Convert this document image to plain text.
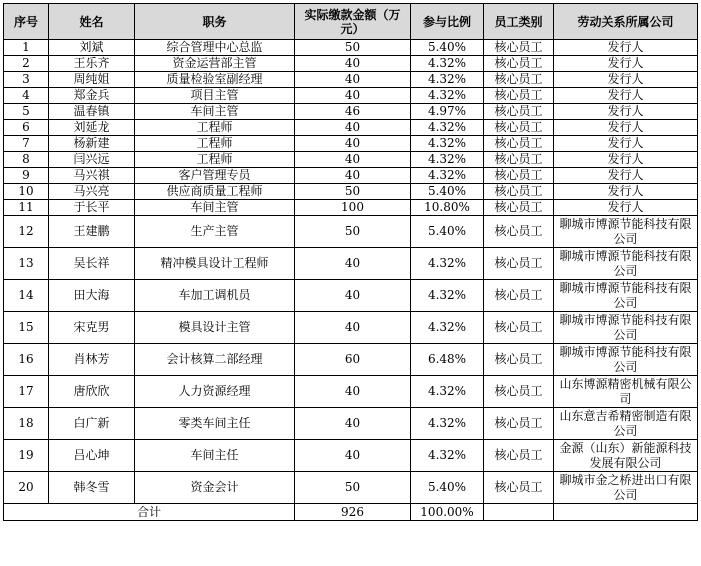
序号	姓名	职务	实际缴款金额（万元）	参与比例	员工类别	劳动关系所属公司
1	刘斌	综合管理中心总监	50	5.40%	核心员工	发行人
2	王乐齐	资金运营部主管	40	4.32%	核心员工	发行人
3	周纯姐	质量检验室副经理	40	4.32%	核心员工	发行人
4	郑金兵	项目主管	40	4.32%	核心员工	发行人
5	温春镇	车间主管	46	4.97%	核心员工	发行人
6	刘延龙	工程师	40	4.32%	核心员工	发行人
7	杨新建	工程师	40	4.32%	核心员工	发行人
8	闫兴远	工程师	40	4.32%	核心员工	发行人
9	马兴祺	客户管理专员	40	4.32%	核心员工	发行人
10	马兴亮	供应商质量工程师	50	5.40%	核心员工	发行人
11	于长平	车间主管	100	10.80%	核心员工	发行人
12	王建鹏	生产主管	50	5.40%	核心员工	聊城市博源节能科技有限公司
13	吴长祥	精冲模具设计工程师	40	4.32%	核心员工	聊城市博源节能科技有限公司
14	田大海	车加工调机员	40	4.32%	核心员工	聊城市博源节能科技有限公司
15	宋克男	模具设计主管	40	4.32%	核心员工	聊城市博源节能科技有限公司
16	肖林芳	会计核算二部经理	60	6.48%	核心员工	聊城市博源节能科技有限公司
17	唐欣欣	人力资源经理	40	4.32%	核心员工	山东博源精密机械有限公司
18	白广新	零类车间主任	40	4.32%	核心员工	山东意吉希精密制造有限公司
19	吕心坤	车间主任	40	4.32%	核心员工	金源（山东）新能源科技发展有限公司
20	韩冬雪	资金会计	50	5.40%	核心员工	聊城市金之桥进出口有限公司
合计			926	100.00%		
